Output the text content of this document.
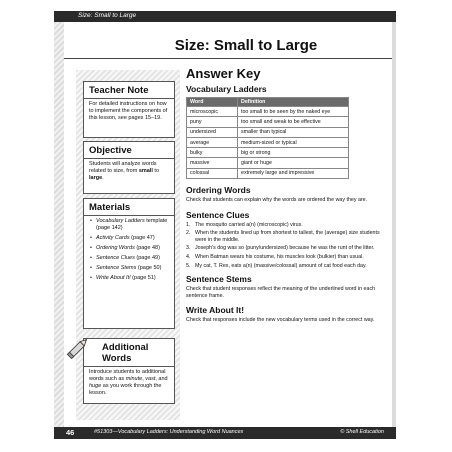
Size: Small to Large
Size: Small to Large
Teacher Note

For detailed instructions on how to implement the components of this lesson, see pages 15–19.

Objective

Students will analyze words related to size, from small to large.

Materials
• Vocabulary Ladders template (page 142)
• Activity Cards (page 47)
• Ordering Words (page 48)
• Sentence Clues (page 49)
• Sentence Stems (page 50)
• Write About It! (page 51)
Additional Words

Introduce students to additional words such as minute, vast, and huge as you work through the lesson.

Answer Key
Vocabulary Ladders
Word	Definition
microscopic	too small to be seen by the naked eye
puny	too small and weak to be effective
undersized	smaller than typical
average	medium-sized or typical
bulky	big or strong
massive	giant or huge
colossal	extremely large and impressive
Ordering Words

Check that students can explain why the words are ordered the way they are.

Sentence Clues
1. The mosquito carried a(n) (microscopic) virus.
2. When the students lined up from shortest to tallest, the (average) size students were in the middle.
3. Joseph's dog was so (puny/undersized) because he was the runt of the litter.
4. When Batman wears his costume, his muscles look (bulkier) than usual.
5. My cat, T. Rex, eats a(n) (massive/colossal) amount of cat food each day.
Sentence Stems

Check that student responses reflect the meaning of the underlined word in each sentence frame.

Write About It!

Check that responses include the new vocabulary terms used in the correct way.

46	#51303—Vocabulary Ladders: Understanding Word Nuances	© Shell Education
